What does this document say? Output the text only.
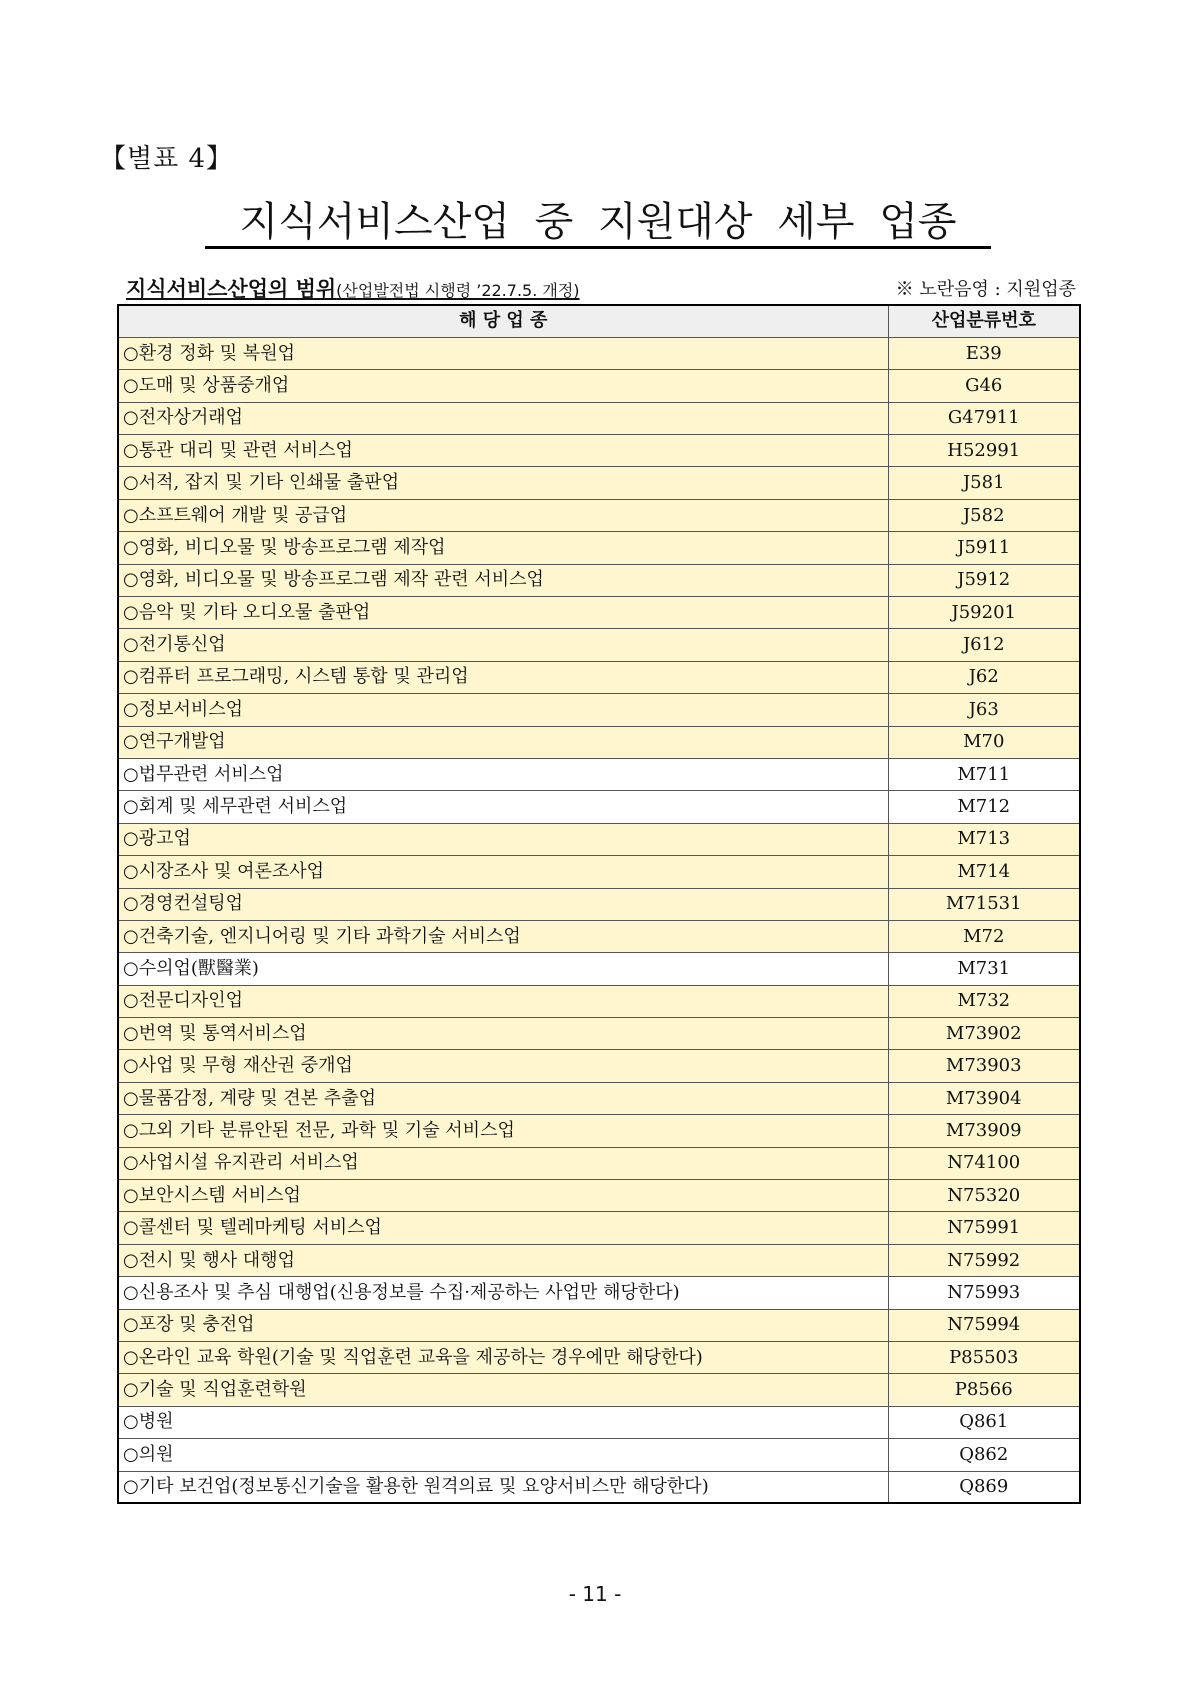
【별표 4】
지식서비스산업 중 지원대상 세부 업종
지식서비스산업의 범위(산업발전법 시행령 ’22.7.5. 개정)	※ 노란음영 : 지원업종
해 당 업 종	산업분류번호
○환경 정화 및 복원업	E39
○도매 및 상품중개업	G46
○전자상거래업	G47911
○통관 대리 및 관련 서비스업	H52991
○서적, 잡지 및 기타 인쇄물 출판업	J581
○소프트웨어 개발 및 공급업	J582
○영화, 비디오물 및 방송프로그램 제작업	J5911
○영화, 비디오물 및 방송프로그램 제작 관련 서비스업	J5912
○음악 및 기타 오디오물 출판업	J59201
○전기통신업	J612
○컴퓨터 프로그래밍, 시스템 통합 및 관리업	J62
○정보서비스업	J63
○연구개발업	M70
○법무관련 서비스업	M711
○회계 및 세무관련 서비스업	M712
○광고업	M713
○시장조사 및 여론조사업	M714
○경영컨설팅업	M71531
○건축기술, 엔지니어링 및 기타 과학기술 서비스업	M72
○수의업(獸醫業)	M731
○전문디자인업	M732
○번역 및 통역서비스업	M73902
○사업 및 무형 재산권 중개업	M73903
○물품감정, 계량 및 견본 추출업	M73904
○그외 기타 분류안된 전문, 과학 및 기술 서비스업	M73909
○사업시설 유지관리 서비스업	N74100
○보안시스템 서비스업	N75320
○콜센터 및 텔레마케팅 서비스업	N75991
○전시 및 행사 대행업	N75992
○신용조사 및 추심 대행업(신용정보를 수집·제공하는 사업만 해당한다)	N75993
○포장 및 충전업	N75994
○온라인 교육 학원(기술 및 직업훈련 교육을 제공하는 경우에만 해당한다)	P85503
○기술 및 직업훈련학원	P8566
○병원	Q861
○의원	Q862
○기타 보건업(정보통신기술을 활용한 원격의료 및 요양서비스만 해당한다)	Q869
- 11 -
